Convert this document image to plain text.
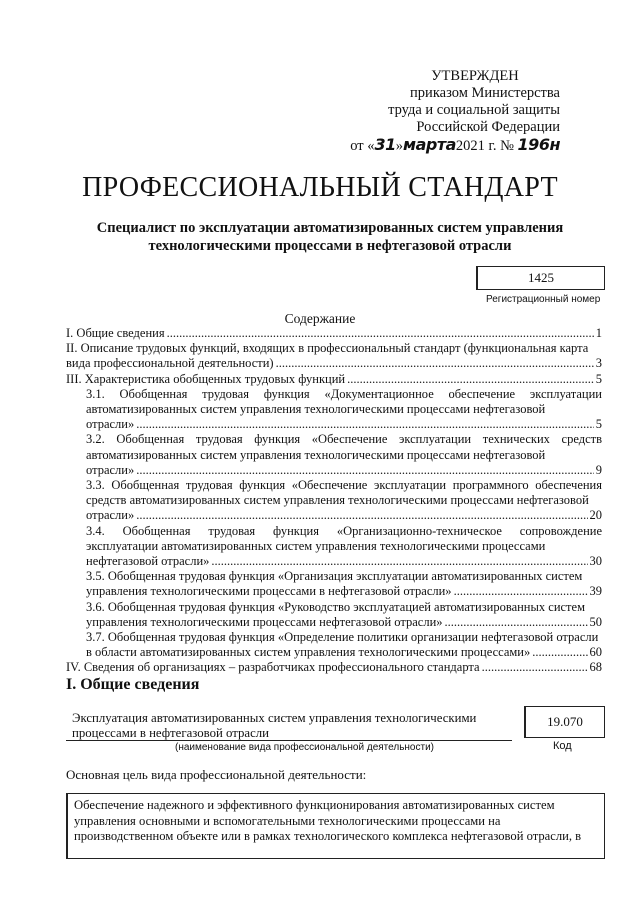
УТВЕРЖДЕН
приказом Министерства
труда и социальной защиты
Российской Федерации
от «31»марта2021 г. № 196н
ПРОФЕССИОНАЛЬНЫЙ СТАНДАРТ
Специалист по эксплуатации автоматизированных систем управления
технологическими процессами в нефтегазовой отрасли
1425
Регистрационный номер
Содержание
I. Общие сведения .....	1
II. Описание трудовых функций, входящих в профессиональный стандарт (функциональная карта
вида профессиональной деятельности) .....	3
III. Характеристика обобщенных трудовых функций .....	5
3.1. Обобщенная трудовая функция «Документационное обеспечение эксплуатации автоматизированных систем управления технологическими процессами нефтегазовой
отрасли» .....	5
3.2. Обобщенная трудовая функция «Обеспечение эксплуатации технических средств автоматизированных систем управления технологическими процессами нефтегазовой
отрасли» .....	9
3.3. Обобщенная трудовая функция «Обеспечение эксплуатации программного обеспечения средств автоматизированных систем управления технологическими процессами нефтегазовой
отрасли» .....	20
3.4. Обобщенная трудовая функция «Организационно-техническое сопровождение эксплуатации автоматизированных систем управления технологическими процессами
нефтегазовой отрасли» .....	30
3.5. Обобщенная трудовая функция «Организация эксплуатации автоматизированных систем
управления технологическими процессами в нефтегазовой отрасли» .....	39
3.6. Обобщенная трудовая функция «Руководство эксплуатацией автоматизированных систем
управления технологическими процессами нефтегазовой отрасли» .....	50
3.7. Обобщенная трудовая функция «Определение политики организации нефтегазовой отрасли
в области автоматизированных систем управления технологическими процессами» .....	60
IV. Сведения об организациях – разработчиках профессионального стандарта .....	68
I. Общие сведения
Эксплуатация автоматизированных систем управления технологическими
процессами в нефтегазовой отрасли
(наименование вида профессиональной деятельности)
19.070
Код
Основная цель вида профессиональной деятельности:
Обеспечение надежного и эффективного функционирования автоматизированных систем
управления основными и вспомогательными технологическими процессами на
производственном объекте или в рамках технологического комплекса нефтегазовой отрасли, в
